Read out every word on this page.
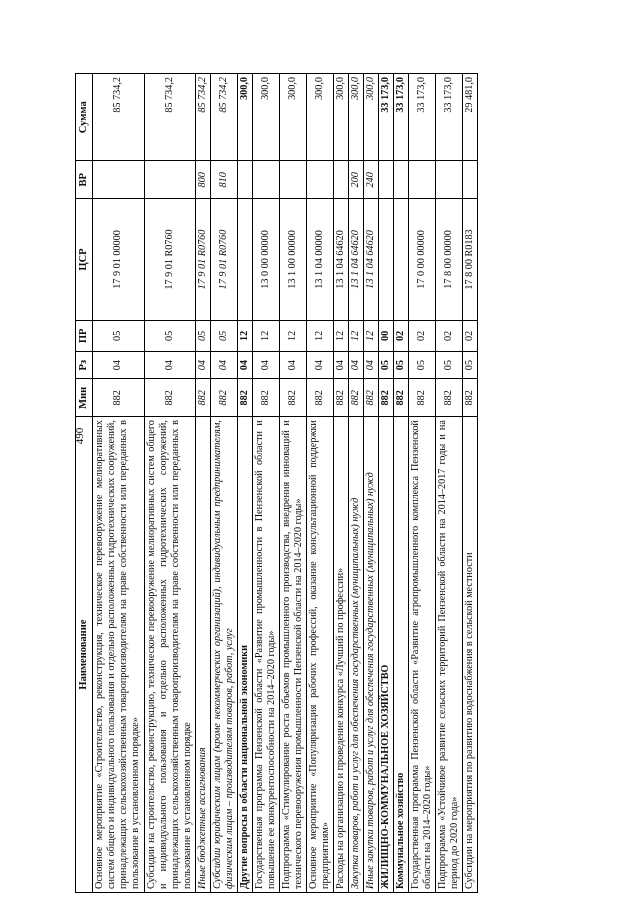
490
Наименование	Мин	Рз	ПР	ЦСР	ВР	Сумма
Основное мероприятие «Строительство, реконструкция, техническое перевооружение мелиоративных систем общего и индивидуального пользования и отдельно расположенных гидротехнических сооружений, принадлежащих сельскохозяйственным товаропроизводителям на праве собственности или переданных в пользование в установленном порядке»	882	04	05	17 9 01 00000		85 734,2
Субсидии на строительство, реконструкцию, техническое перевооружение мелиоративных систем общего и индивидуального пользования и отдельно расположенных гидротехнических сооружений, принадлежащих сельскохозяйственным товаропроизводителям на праве собственности или переданных в пользование в установленном порядке	882	04	05	17 9 01 R0760		85 734,2
Иные бюджетные ассигнования	882	04	05	17 9 01 R0760	800	85 734,2
Субсидии юридическим лицам (кроме некоммерческих организаций), индивидуальным предпринимателям, физическим лицам – производителям товаров, работ, услуг	882	04	05	17 9 01 R0760	810	85 734,2
Другие вопросы в области национальной экономики	882	04	12			300,0
Государственная программа Пензенской области «Развитие промышленности в Пензенской области и повышение ее конкурентоспособности на 2014–2020 годы»	882	04	12	13 0 00 00000		300,0
Подпрограмма «Стимулирование роста объемов промышленного производства, внедрения инноваций и технического перевооружения промышленности Пензенской области на 2014–2020 годы»	882	04	12	13 1 00 00000		300,0
Основное мероприятие «Популяризация рабочих профессий, оказание консультационной поддержки предприятиям»	882	04	12	13 1 04 00000		300,0
Расходы на организацию и проведение конкурса «Лучший по профессии»	882	04	12	13 1 04 64620		300,0
Закупка товаров, работ и услуг для обеспечения государственных (муниципальных) нужд	882	04	12	13 1 04 64620	200	300,0
Иные закупки товаров, работ и услуг для обеспечения государственных (муниципальных) нужд	882	04	12	13 1 04 64620	240	300,0
ЖИЛИЩНО-КОММУНАЛЬНОЕ ХОЗЯЙСТВО	882	05	00			33 173,0
Коммунальное хозяйство	882	05	02			33 173,0
Государственная программа Пензенской области «Развитие агропромышленного комплекса Пензенской области на 2014–2020 годы»	882	05	02	17 0 00 00000		33 173,0
Подпрограмма «Устойчивое развитие сельских территорий Пензенской области на 2014–2017 годы и на период до 2020 года»	882	05	02	17 8 00 00000		33 173,0
Субсидии на мероприятия по развитию водоснабжения в сельской местности	882	05	02	17 8 00 R0183		29 481,0
